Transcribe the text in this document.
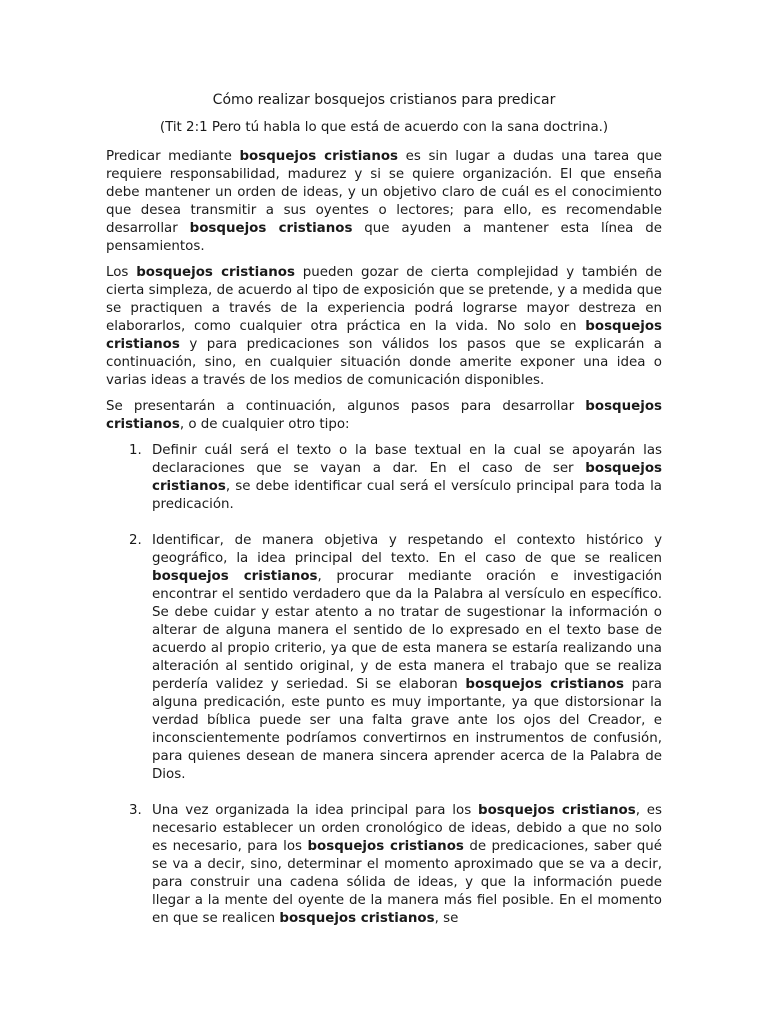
Cómo realizar bosquejos cristianos para predicar

(Tit 2:1 Pero tú habla lo que está de acuerdo con la sana doctrina.)

Predicar mediante bosquejos cristianos es sin lugar a dudas una tarea que requiere responsabilidad, madurez y si se quiere organización. El que enseña debe mantener un orden de ideas, y un objetivo claro de cuál es el conocimiento que desea transmitir a sus oyentes o lectores; para ello, es recomendable desarrollar bosquejos cristianos que ayuden a mantener esta línea de pensamientos.

Los bosquejos cristianos pueden gozar de cierta complejidad y también de cierta simpleza, de acuerdo al tipo de exposición que se pretende, y a medida que se practiquen a través de la experiencia podrá lograrse mayor destreza en elaborarlos, como cualquier otra práctica en la vida. No solo en bosquejos cristianos y para predicaciones son válidos los pasos que se explicarán a continuación, sino, en cualquier situación donde amerite exponer una idea o varias ideas a través de los medios de comunicación disponibles.

Se presentarán a continuación, algunos pasos para desarrollar bosquejos cristianos, o de cualquier otro tipo:

1. Definir cuál será el texto o la base textual en la cual se apoyarán las declaraciones que se vayan a dar. En el caso de ser bosquejos cristianos, se debe identificar cual será el versículo principal para toda la predicación.
2. Identificar, de manera objetiva y respetando el contexto histórico y geográfico, la idea principal del texto. En el caso de que se realicen bosquejos cristianos, procurar mediante oración e investigación encontrar el sentido verdadero que da la Palabra al versículo en específico. Se debe cuidar y estar atento a no tratar de sugestionar la información o alterar de alguna manera el sentido de lo expresado en el texto base de acuerdo al propio criterio, ya que de esta manera se estaría realizando una alteración al sentido original, y de esta manera el trabajo que se realiza perdería validez y seriedad. Si se elaboran bosquejos cristianos para alguna predicación, este punto es muy importante, ya que distorsionar la verdad bíblica puede ser una falta grave ante los ojos del Creador, e inconscientemente podríamos convertirnos en instrumentos de confusión, para quienes desean de manera sincera aprender acerca de la Palabra de Dios.
3. Una vez organizada la idea principal para los bosquejos cristianos, es necesario establecer un orden cronológico de ideas, debido a que no solo es necesario, para los bosquejos cristianos de predicaciones, saber qué se va a decir, sino, determinar el momento aproximado que se va a decir, para construir una cadena sólida de ideas, y que la información puede llegar a la mente del oyente de la manera más fiel posible. En el momento en que se realicen bosquejos cristianos, se
